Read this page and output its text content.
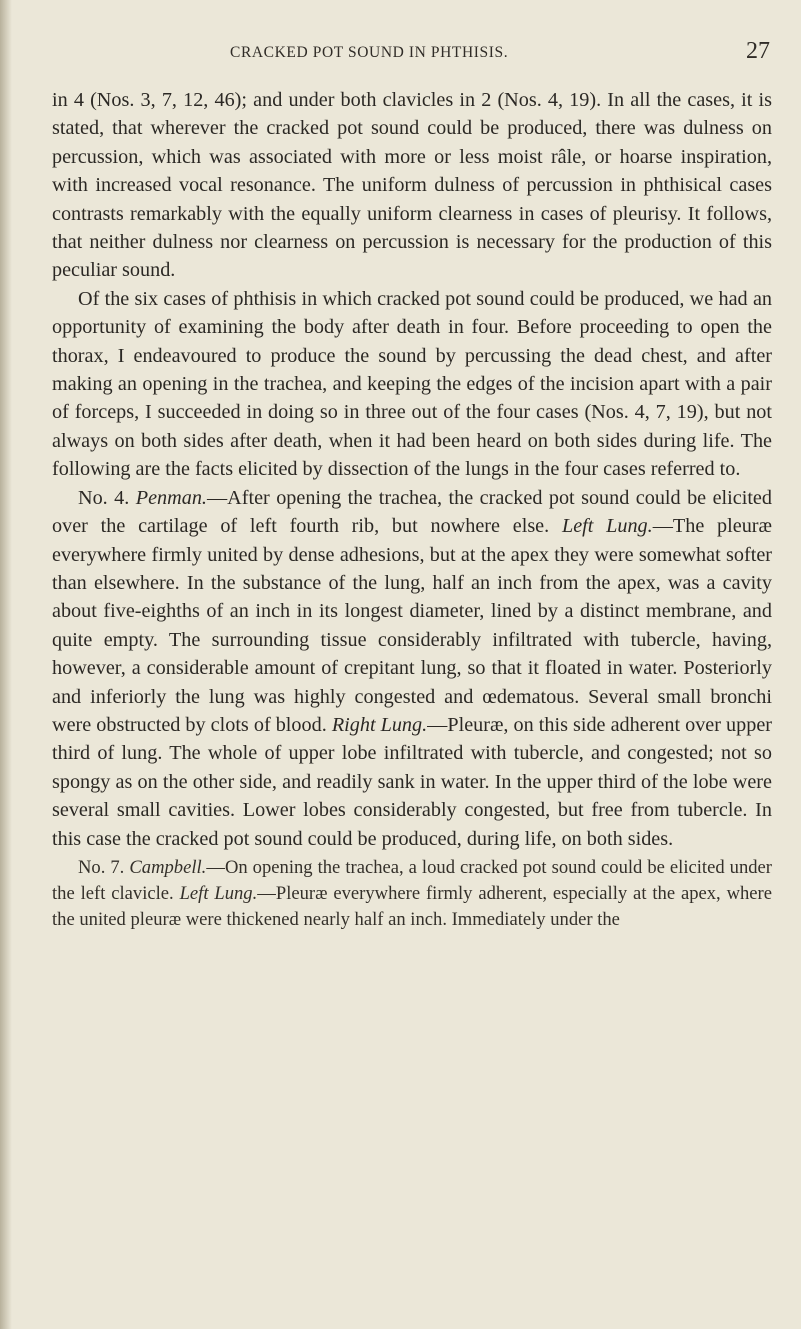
CRACKED POT SOUND IN PHTHISIS.	27

in 4 (Nos. 3, 7, 12, 46); and under both clavicles in 2 (Nos. 4, 19). In all the cases, it is stated, that wherever the cracked pot sound could be produced, there was dulness on percussion, which was associated with more or less moist râle, or hoarse inspiration, with increased vocal resonance. The uniform dulness of percussion in phthisical cases contrasts remarkably with the equally uniform clearness in cases of pleurisy. It follows, that neither dulness nor clearness on percussion is necessary for the production of this peculiar sound.

Of the six cases of phthisis in which cracked pot sound could be produced, we had an opportunity of examining the body after death in four. Before proceeding to open the thorax, I endeavoured to produce the sound by percussing the dead chest, and after making an opening in the trachea, and keeping the edges of the incision apart with a pair of forceps, I succeeded in doing so in three out of the four cases (Nos. 4, 7, 19), but not always on both sides after death, when it had been heard on both sides during life. The following are the facts elicited by dissection of the lungs in the four cases referred to.

No. 4. Penman.—After opening the trachea, the cracked pot sound could be elicited over the cartilage of left fourth rib, but nowhere else. Left Lung.—The pleuræ everywhere firmly united by dense adhesions, but at the apex they were somewhat softer than elsewhere. In the substance of the lung, half an inch from the apex, was a cavity about five-eighths of an inch in its longest diameter, lined by a distinct membrane, and quite empty. The surrounding tissue considerably infiltrated with tubercle, having, however, a considerable amount of crepitant lung, so that it floated in water. Posteriorly and inferiorly the lung was highly congested and œdematous. Several small bronchi were obstructed by clots of blood. Right Lung.—Pleuræ, on this side adherent over upper third of lung. The whole of upper lobe infiltrated with tubercle, and congested; not so spongy as on the other side, and readily sank in water. In the upper third of the lobe were several small cavities. Lower lobes considerably congested, but free from tubercle. In this case the cracked pot sound could be produced, during life, on both sides.

No. 7. Campbell.—On opening the trachea, a loud cracked pot sound could be elicited under the left clavicle. Left Lung.—Pleuræ everywhere firmly adherent, especially at the apex, where the united pleuræ were thickened nearly half an inch. Immediately under the
